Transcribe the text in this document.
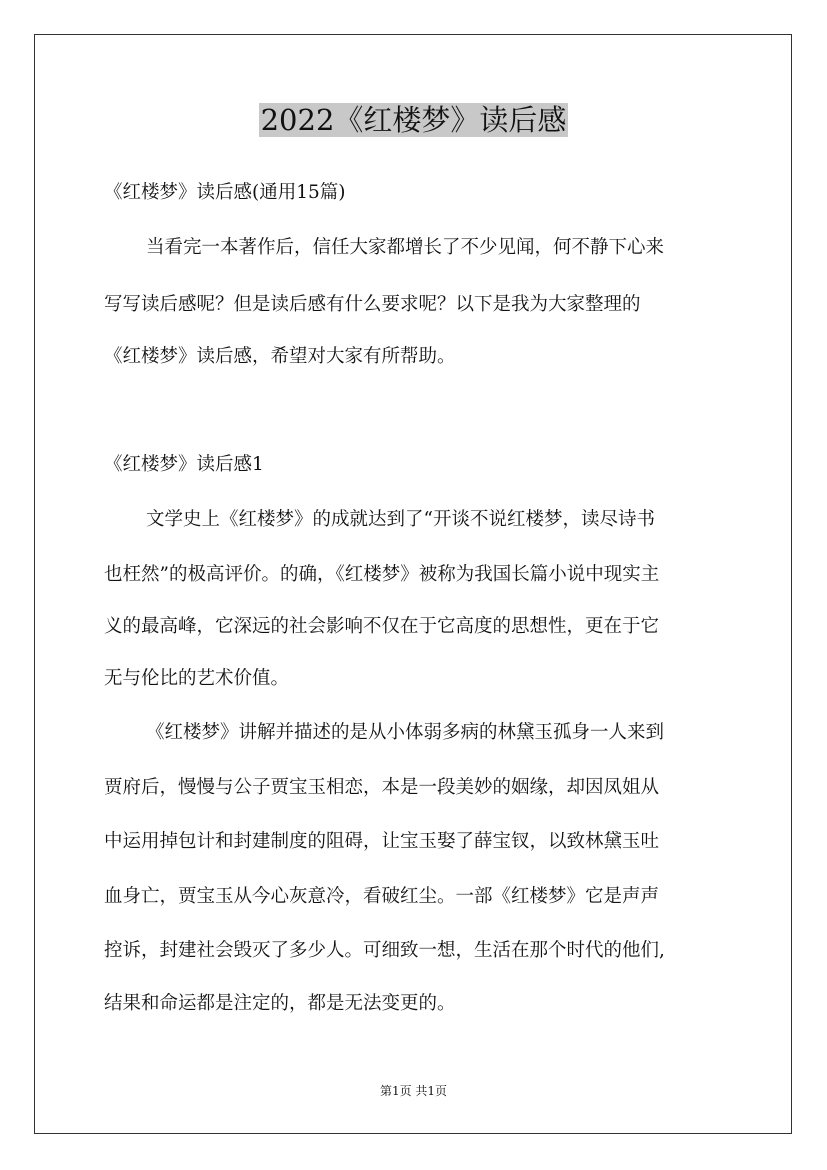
2022《红楼梦》读后感
《红楼梦》读后感(通用15篇)
当看完一本著作后，信任大家都增长了不少见闻，何不静下心来
写写读后感呢？但是读后感有什么要求呢？以下是我为大家整理的
《红楼梦》读后感，希望对大家有所帮助。
《红楼梦》读后感1
文学史上《红楼梦》的成就达到了“开谈不说红楼梦，读尽诗书
也枉然”的极高评价。的确，《红楼梦》被称为我国长篇小说中现实主
义的最高峰，它深远的社会影响不仅在于它高度的思想性，更在于它
无与伦比的艺术价值。
《红楼梦》讲解并描述的是从小体弱多病的林黛玉孤身一人来到
贾府后，慢慢与公子贾宝玉相恋，本是一段美妙的姻缘，却因凤姐从
中运用掉包计和封建制度的阻碍，让宝玉娶了薛宝钗，以致林黛玉吐
血身亡，贾宝玉从今心灰意冷，看破红尘。一部《红楼梦》它是声声
控诉，封建社会毁灭了多少人。可细致一想，生活在那个时代的他们,
结果和命运都是注定的，都是无法变更的。
第1页 共1页
